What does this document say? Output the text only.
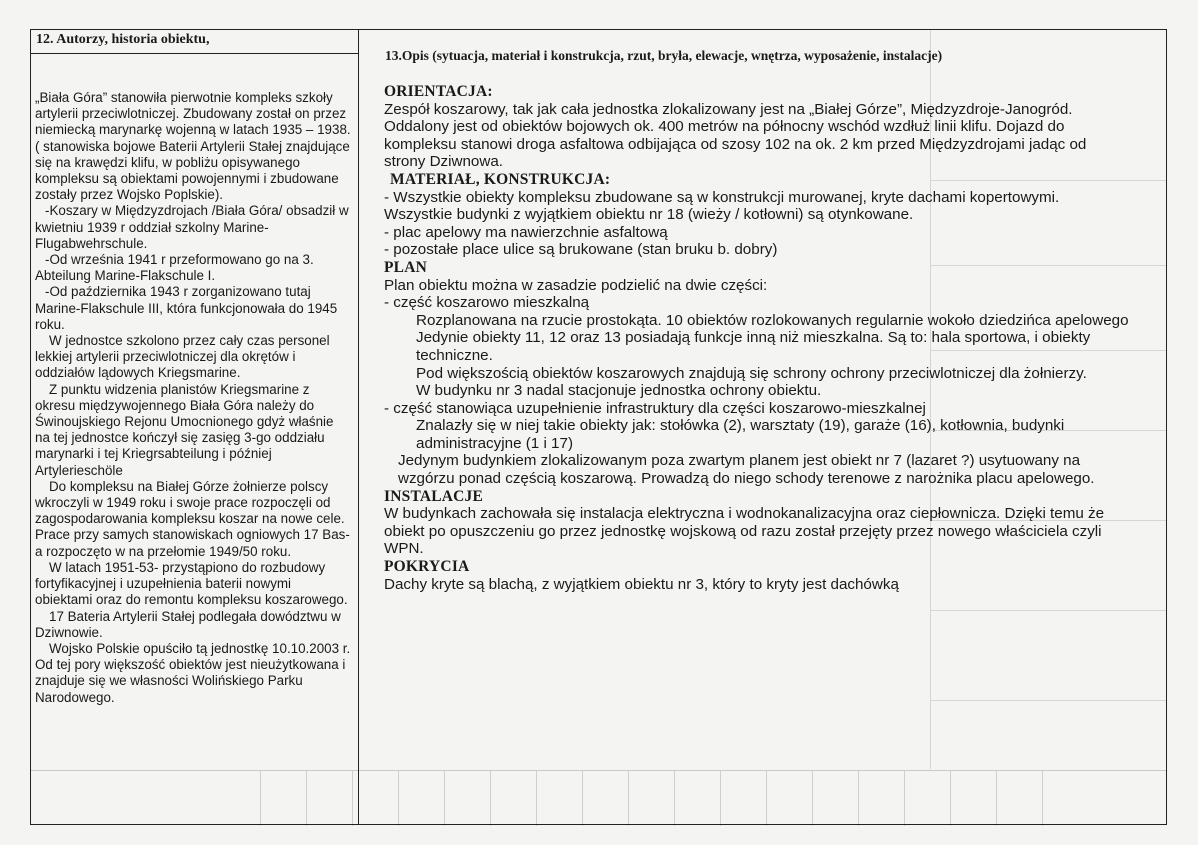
12. Autorzy, historia obiektu,

„Biała Góra” stanowiła pierwotnie kompleks szkoły artylerii przeciwlotniczej. Zbudowany został on przez niemiecką marynarkę wojenną w latach 1935 – 1938.

( stanowiska bojowe Baterii Artylerii Stałej znajdujące się na krawędzi klifu, w pobliżu opisywanego kompleksu są obiektami powojennymi i zbudowane zostały przez Wojsko Poplskie).

-Koszary w Międzyzdrojach /Biała Góra/ obsadził w kwietniu 1939 r oddział szkolny Marine-Flugabwehrschule.

-Od września 1941 r przeformowano go na 3. Abteilung Marine-Flakschule I.

-Od października 1943 r zorganizowano tutaj Marine-Flakschule III, która funkcjonowała do 1945 roku.

W jednostce szkolono przez cały czas personel lekkiej artylerii przeciwlotniczej dla okrętów i oddziałów lądowych Kriegsmarine.

Z punktu widzenia planistów Kriegsmarine z okresu międzywojennego Biała Góra należy do Świnoujskiego Rejonu Umocnionego gdyż właśnie na tej jednostce kończył się zasięg 3-go oddziału marynarki i tej Kriegrsabteilung i później Artylerieschöle

Do kompleksu na Białej Górze żołnierze polscy wkroczyli w 1949 roku i swoje prace rozpoczęli od zagospodarowania kompleksu koszar na nowe cele. Prace przy samych stanowiskach ogniowych 17 Bas-a rozpoczęto w na przełomie 1949/50 roku.

W latach 1951-53- przystąpiono do rozbudowy fortyfikacyjnej i uzupełnienia baterii nowymi obiektami oraz do remontu kompleksu koszarowego.

17 Bateria Artylerii Stałej podlegała dowództwu w Dziwnowie.

Wojsko Polskie opuściło tą jednostkę 10.10.2003 r. Od tej pory większość obiektów jest nieużytkowana i znajduje się we własności Wolińskiego Parku Narodowego.

13.Opis (sytuacja, materiał i konstrukcja, rzut, bryła, elewacje, wnętrza, wyposażenie, instalacje)

ORIENTACJA:

Zespół koszarowy, tak jak cała jednostka zlokalizowany jest na „Białej Górze”, Międzyzdroje-Janogród.

Oddalony jest od obiektów bojowych ok. 400 metrów na północny wschód wzdłuż linii klifu. Dojazd do kompleksu stanowi droga asfaltowa odbijająca od szosy 102 na ok. 2 km przed Międzyzdrojami jadąc od strony Dziwnowa.

MATERIAŁ, KONSTRUKCJA:

- Wszystkie obiekty kompleksu zbudowane są w konstrukcji murowanej, kryte dachami kopertowymi. Wszystkie budynki z wyjątkiem obiektu nr 18 (wieży / kotłowni) są otynkowane.

- plac apelowy ma nawierzchnie asfaltową

- pozostałe place ulice są brukowane (stan bruku b. dobry)

PLAN

Plan obiektu można w zasadzie podzielić na dwie części:

- część koszarowo mieszkalną

Rozplanowana na rzucie prostokąta. 10 obiektów rozlokowanych regularnie wokoło dziedzińca apelowego

Jedynie obiekty 11, 12 oraz 13 posiadają funkcje inną niż mieszkalna. Są to: hala sportowa, i obiekty techniczne.

Pod większością obiektów koszarowych znajdują się schrony ochrony przeciwlotniczej dla żołnierzy.

W budynku nr 3 nadal stacjonuje jednostka ochrony obiektu.

- część stanowiąca uzupełnienie infrastruktury dla części koszarowo-mieszkalnej

Znalazły się w niej takie obiekty jak: stołówka (2), warsztaty (19), garaże (16), kotłownia, budynki administracyjne (1 i 17)

Jedynym budynkiem zlokalizowanym poza zwartym planem jest obiekt nr 7 (lazaret ?) usytuowany na wzgórzu ponad częścią koszarową. Prowadzą do niego schody terenowe z narożnika placu apelowego.

INSTALACJE

W budynkach zachowała się instalacja elektryczna i wodnokanalizacyjna oraz ciepłownicza. Dzięki temu że obiekt po opuszczeniu go przez jednostkę wojskową od razu został przejęty przez nowego właściciela czyli WPN.

POKRYCIA

Dachy kryte są blachą, z wyjątkiem obiektu nr 3, który to kryty jest dachówką
